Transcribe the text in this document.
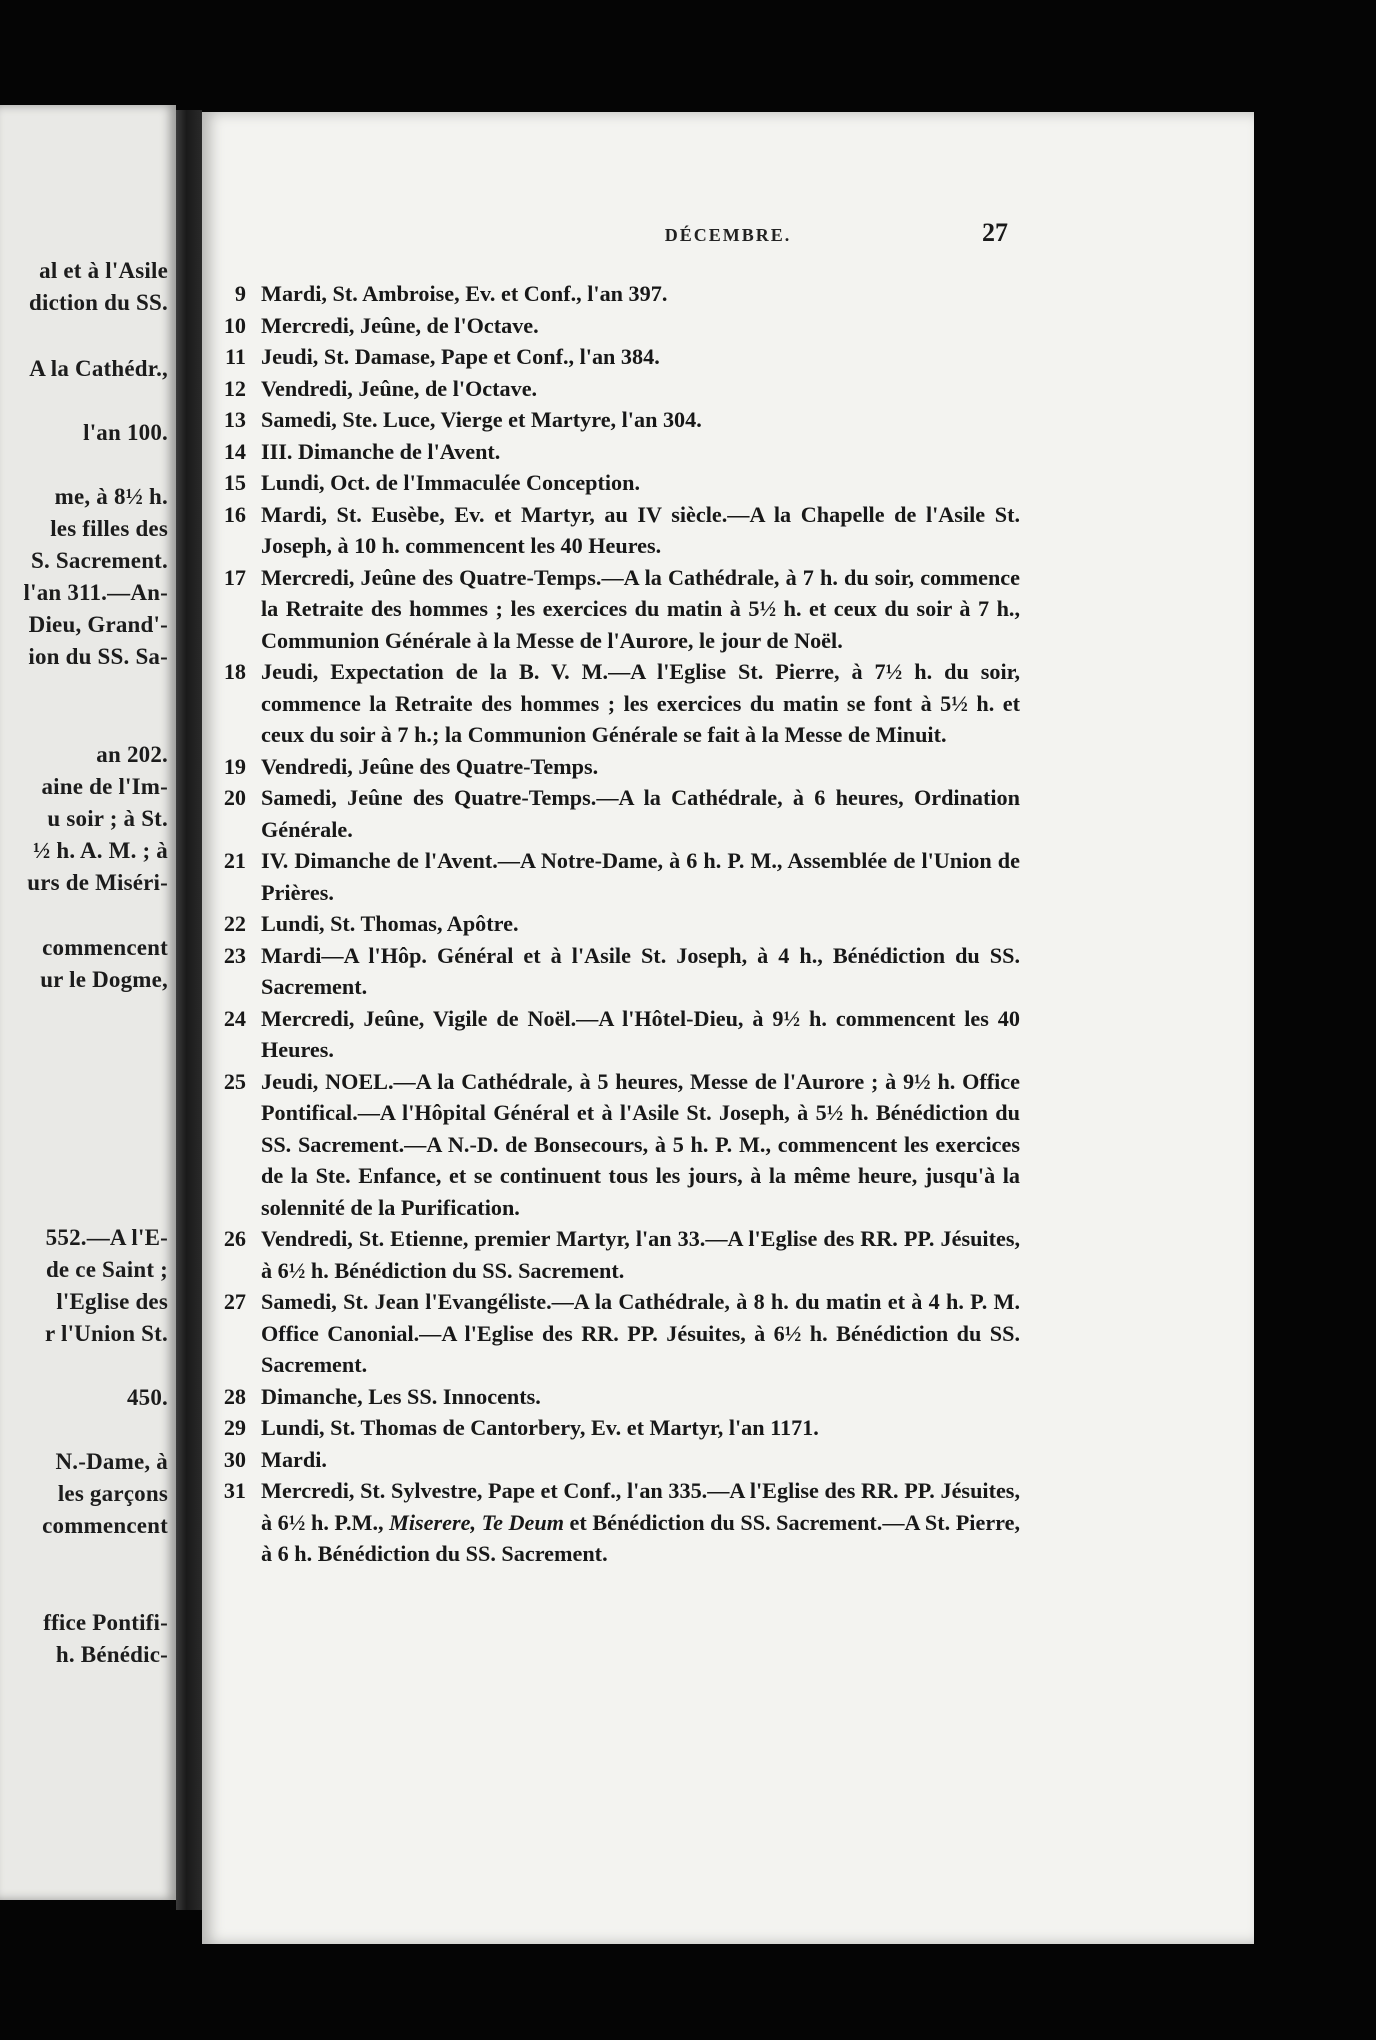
al et à l'Asile
diction du SS.
A la Cathédr.,
l'an 100.
me, à 8½ h.
les filles des
S. Sacrement.
l'an 311.—An-
Dieu, Grand'-
ion du SS. Sa-
an 202.
aine de l'Im-
u soir ; à St.
½ h. A. M. ; à
urs de Miséri-
commencent
ur le Dogme,
552.—A l'E-
de ce Saint ;
l'Eglise des
r l'Union St.
450.
N.-Dame, à
les garçons
commencent
ffice Pontifi-
h. Bénédic-
DÉCEMBRE.	27
9 Mardi, St. Ambroise, Ev. et Conf., l'an 397.
10 Mercredi, Jeûne, de l'Octave.
11 Jeudi, St. Damase, Pape et Conf., l'an 384.
12 Vendredi, Jeûne, de l'Octave.
13 Samedi, Ste. Luce, Vierge et Martyre, l'an 304.
14 III. Dimanche de l'Avent.
15 Lundi, Oct. de l'Immaculée Conception.
16 Mardi, St. Eusèbe, Ev. et Martyr, au IV siècle.—A la Chapelle de l'Asile St. Joseph, à 10 h. commencent les 40 Heures.
17 Mercredi, Jeûne des Quatre-Temps.—A la Cathédrale, à 7 h. du soir, commence la Retraite des hommes ; les exercices du matin à 5½ h. et ceux du soir à 7 h., Communion Générale à la Messe de l'Aurore, le jour de Noël.
18 Jeudi, Expectation de la B. V. M.—A l'Eglise St. Pierre, à 7½ h. du soir, commence la Retraite des hommes ; les exercices du matin se font à 5½ h. et ceux du soir à 7 h.; la Communion Générale se fait à la Messe de Minuit.
19 Vendredi, Jeûne des Quatre-Temps.
20 Samedi, Jeûne des Quatre-Temps.—A la Cathédrale, à 6 heures, Ordination Générale.
21 IV. Dimanche de l'Avent.—A Notre-Dame, à 6 h. P. M., Assemblée de l'Union de Prières.
22 Lundi, St. Thomas, Apôtre.
23 Mardi—A l'Hôp. Général et à l'Asile St. Joseph, à 4 h., Bénédiction du SS. Sacrement.
24 Mercredi, Jeûne, Vigile de Noël.—A l'Hôtel-Dieu, à 9½ h. commencent les 40 Heures.
25 Jeudi, NOEL.—A la Cathédrale, à 5 heures, Messe de l'Aurore ; à 9½ h. Office Pontifical.—A l'Hôpital Général et à l'Asile St. Joseph, à 5½ h. Bénédiction du SS. Sacrement.—A N.-D. de Bonsecours, à 5 h. P. M., commencent les exercices de la Ste. Enfance, et se continuent tous les jours, à la même heure, jusqu'à la solennité de la Purification.
26 Vendredi, St. Etienne, premier Martyr, l'an 33.—A l'Eglise des RR. PP. Jésuites, à 6½ h. Bénédiction du SS. Sacrement.
27 Samedi, St. Jean l'Evangéliste.—A la Cathédrale, à 8 h. du matin et à 4 h. P. M. Office Canonial.—A l'Eglise des RR. PP. Jésuites, à 6½ h. Bénédiction du SS. Sacrement.
28 Dimanche, Les SS. Innocents.
29 Lundi, St. Thomas de Cantorbery, Ev. et Martyr, l'an 1171.
30 Mardi.
31 Mercredi, St. Sylvestre, Pape et Conf., l'an 335.—A l'Eglise des RR. PP. Jésuites, à 6½ h. P.M., Miserere, Te Deum et Bénédiction du SS. Sacrement.—A St. Pierre, à 6 h. Bénédiction du SS. Sacrement.
